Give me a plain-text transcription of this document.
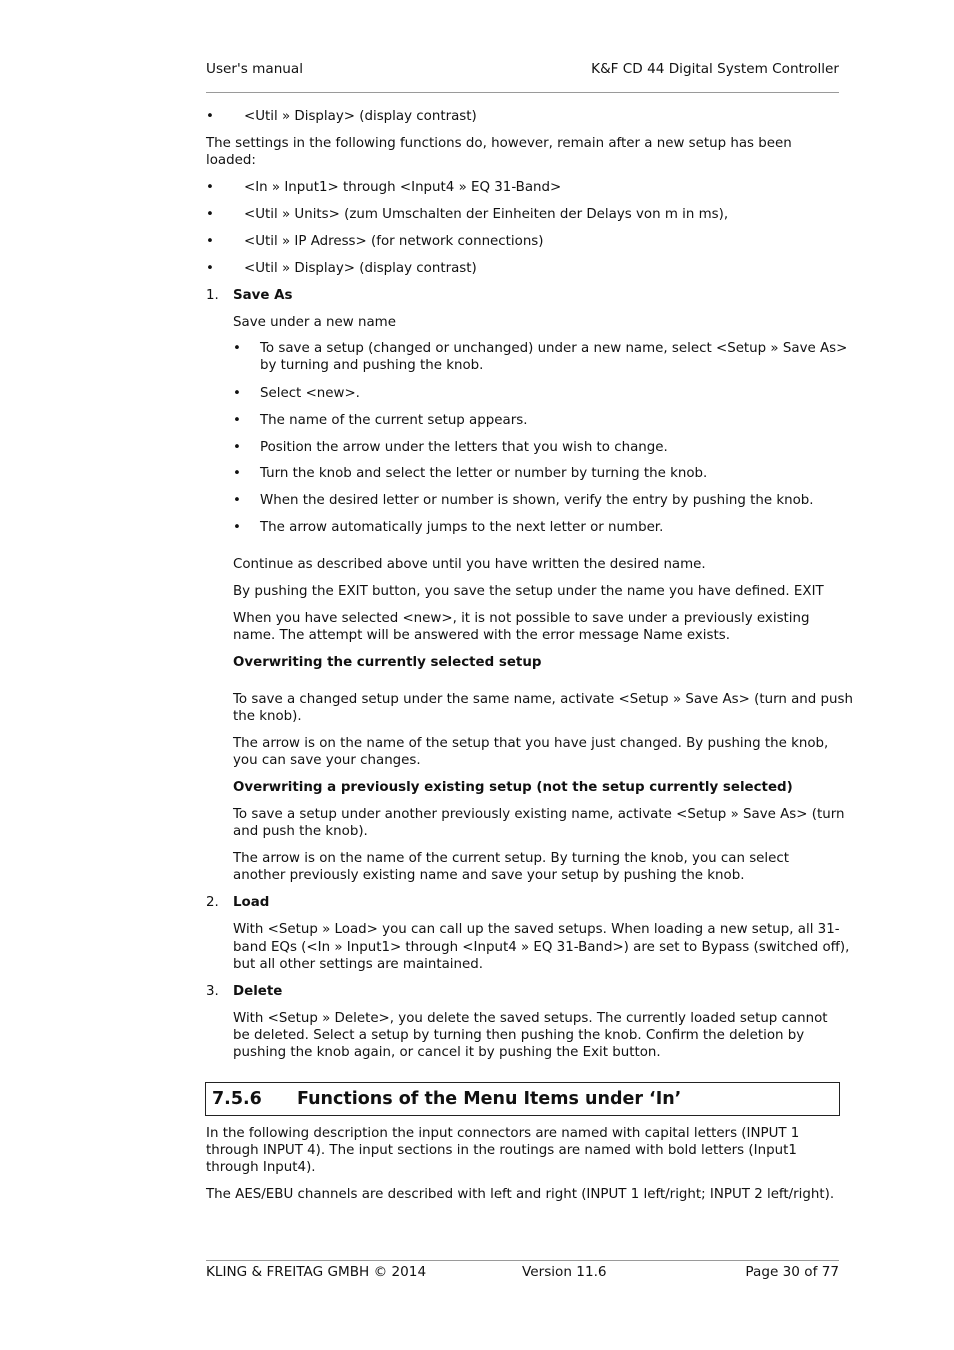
User's manual	K&F CD 44 Digital System Controller
• <Util » Display> (display contrast)
The settings in the following functions do, however, remain after a new setup has been
loaded:
• <In » Input1> through <Input4 » EQ 31-Band>
• <Util » Units> (zum Umschalten der Einheiten der Delays von m in ms),
• <Util » IP Adress> (for network connections)
• <Util » Display> (display contrast)
1. Save As
Save under a new name
• To save a setup (changed or unchanged) under a new name, select <Setup » Save As>
by turning and pushing the knob.
• Select <new>.
• The name of the current setup appears.
• Position the arrow under the letters that you wish to change.
• Turn the knob and select the letter or number by turning the knob.
• When the desired letter or number is shown, verify the entry by pushing the knob.
• The arrow automatically jumps to the next letter or number.
Continue as described above until you have written the desired name.
By pushing the EXIT button, you save the setup under the name you have defined. EXIT
When you have selected <new>, it is not possible to save under a previously existing
name. The attempt will be answered with the error message Name exists.
Overwriting the currently selected setup
To save a changed setup under the same name, activate <Setup » Save As> (turn and push
the knob).
The arrow is on the name of the setup that you have just changed. By pushing the knob,
you can save your changes.
Overwriting a previously existing setup (not the setup currently selected)
To save a setup under another previously existing name, activate <Setup » Save As> (turn
and push the knob).
The arrow is on the name of the current setup. By turning the knob, you can select
another previously existing name and save your setup by pushing the knob.
2. Load
With <Setup » Load> you can call up the saved setups. When loading a new setup, all 31-
band EQs (<In » Input1> through <Input4 » EQ 31-Band>) are set to Bypass (switched off),
but all other settings are maintained.
3. Delete
With <Setup » Delete>, you delete the saved setups. The currently loaded setup cannot
be deleted. Select a setup by turning then pushing the knob. Confirm the deletion by
pushing the knob again, or cancel it by pushing the Exit button.
7.5.6 Functions of the Menu Items under ‘In’
In the following description the input connectors are named with capital letters (INPUT 1
through INPUT 4). The input sections in the routings are named with bold letters (Input1
through Input4).
The AES/EBU channels are described with left and right (INPUT 1 left/right; INPUT 2 left/right).
KLING & FREITAG GMBH © 2014	Version 11.6	Page 30 of 77
